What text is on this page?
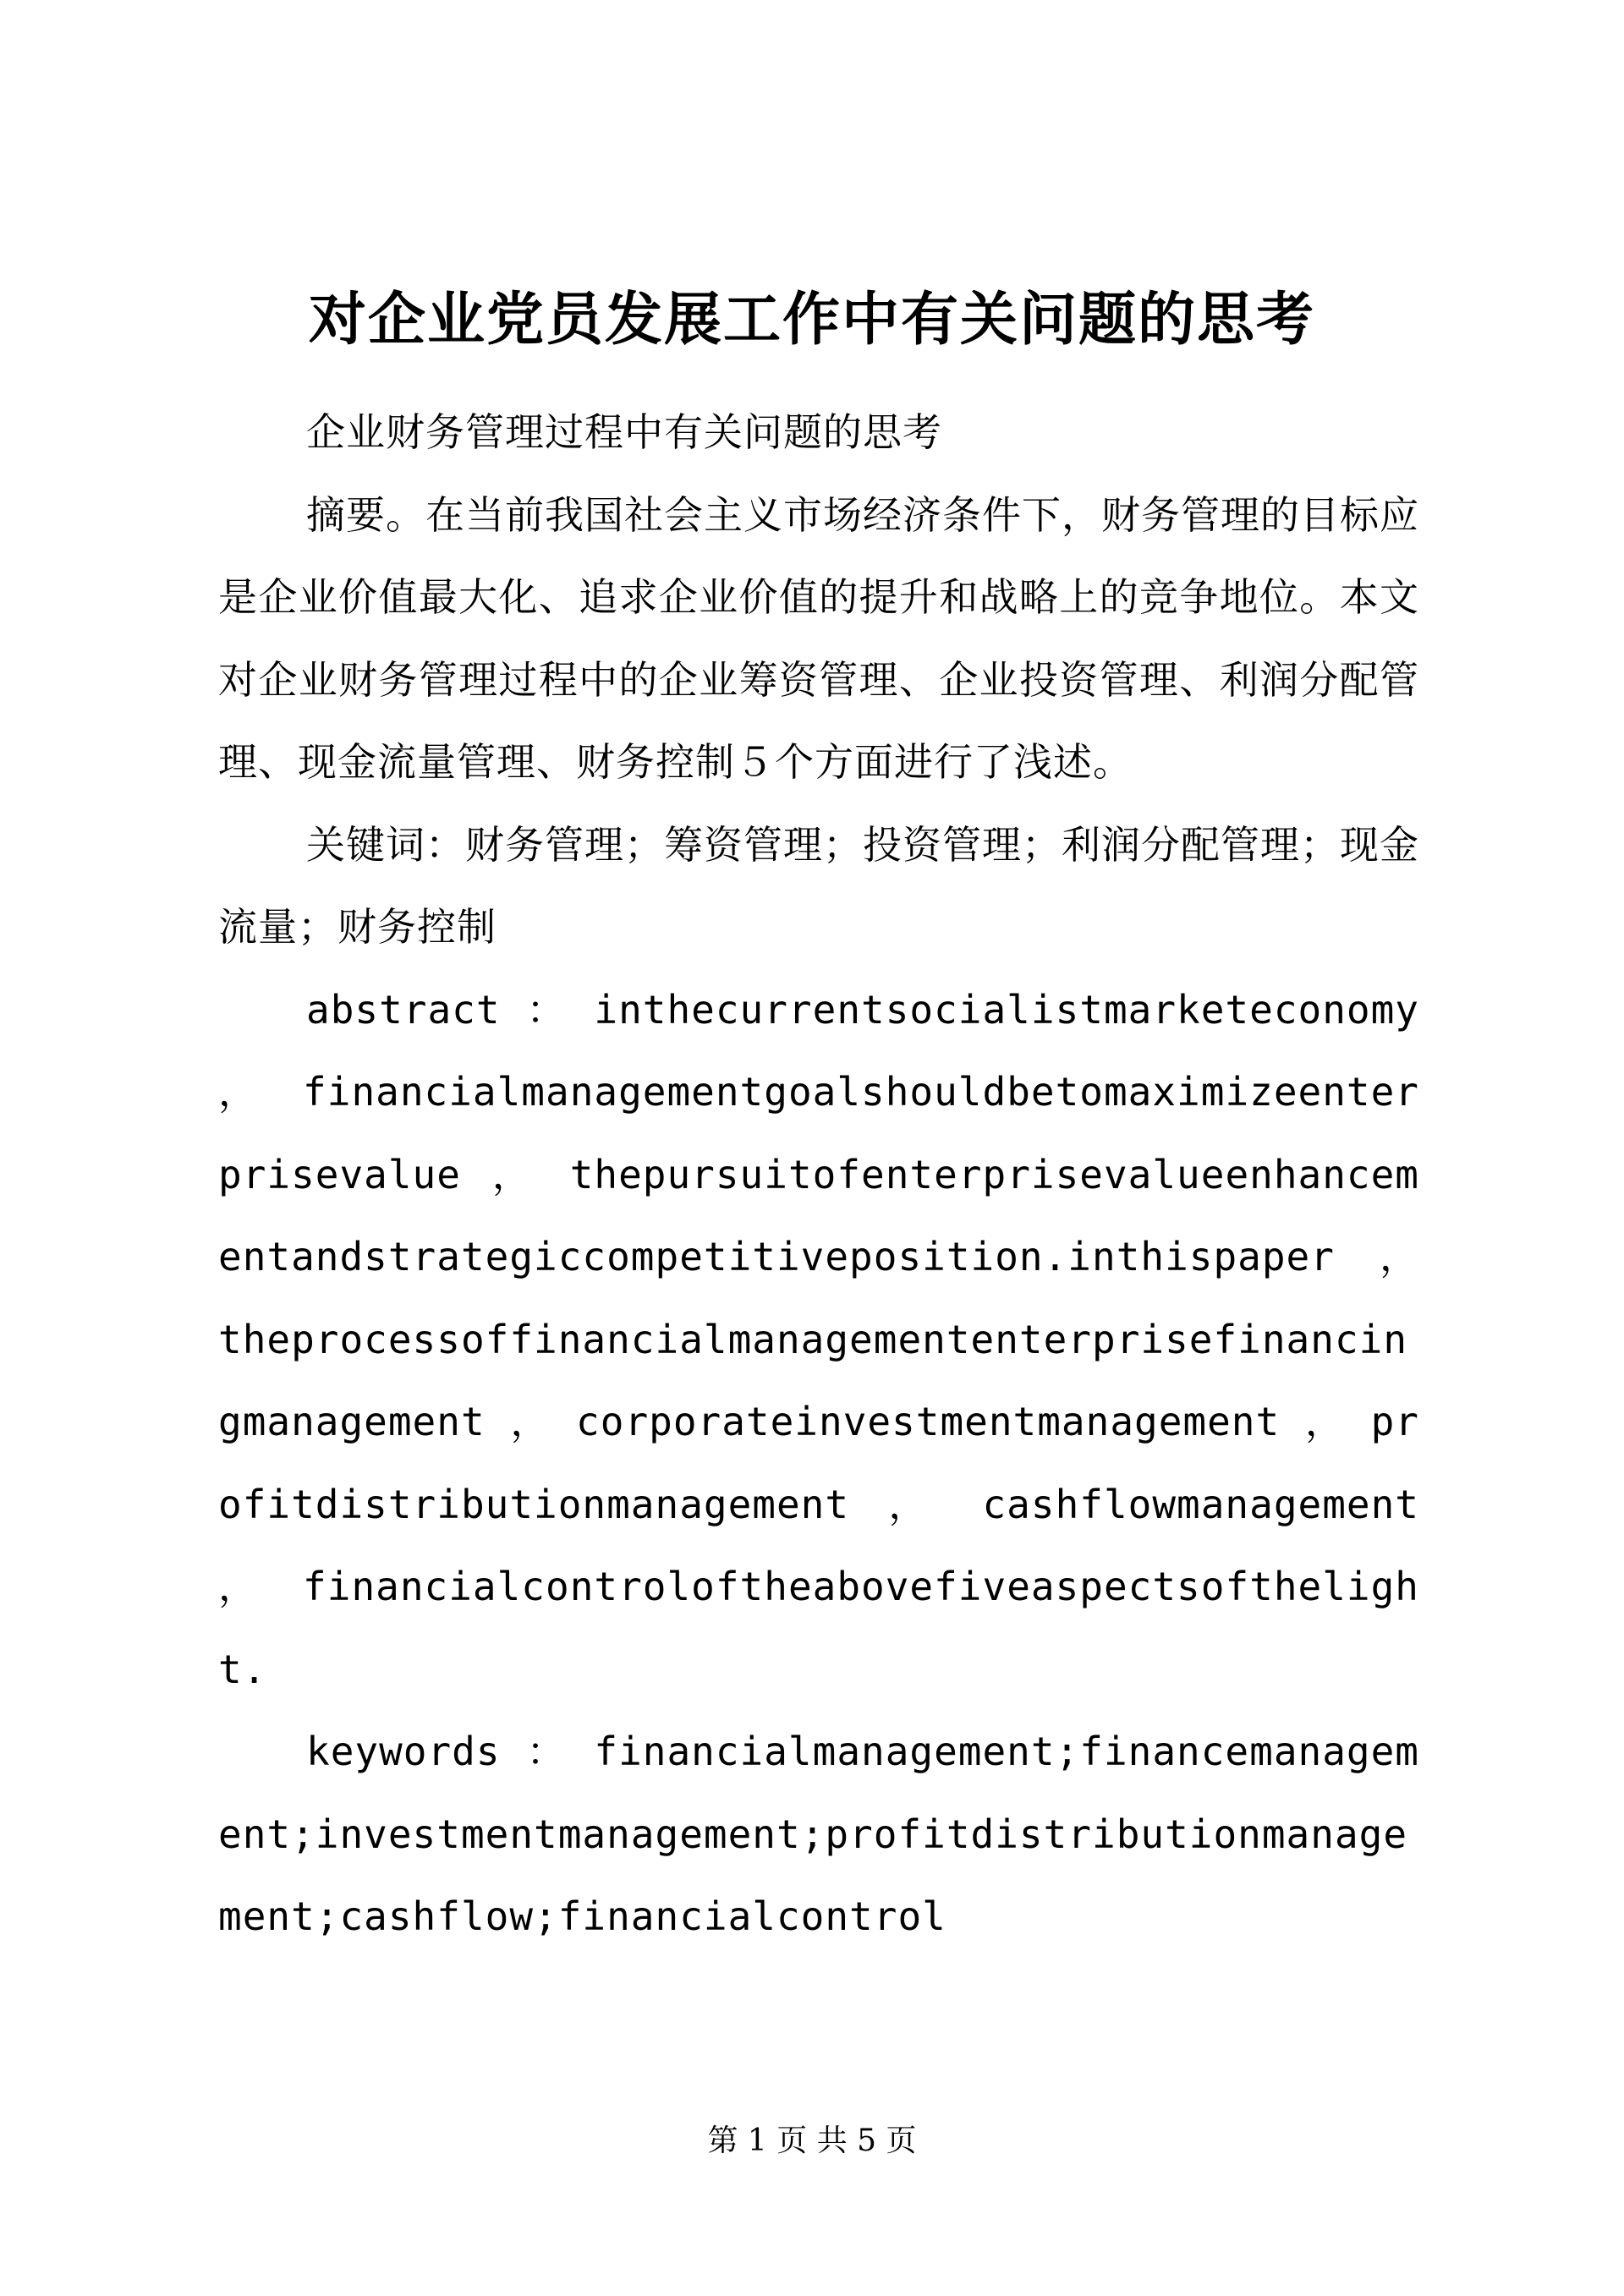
对企业党员发展工作中有关问题的思考

企业财务管理过程中有关问题的思考

摘要。在当前我国社会主义市场经济条件下，财务管理的目标应是企业价值最大化、追求企业价值的提升和战略上的竞争地位。本文对企业财务管理过程中的企业筹资管理、企业投资管理、利润分配管理、现金流量管理、财务控制５个方面进行了浅述。

关键词：财务管理；筹资管理；投资管理；利润分配管理；现金流量；财务控制

abstract ： inthecurrentsocialistmarketeconomy ， financialmanagementgoalshouldbetomaximizeenterprisevalue ， thepursuitofenterprisevalueenhancementandstrategiccompetitiveposition.inthispaper ， theprocessoffinancialmanagemententerprisefinancingmanagement ， corporateinvestmentmanagement ， profitdistributionmanagement ， cashflowmanagement ， financialcontroloftheabovefiveaspectsofthelight.

keywords ： financialmanagement;financemanagement;investmentmanagement;profitdistributionmanagement;cashflow;financialcontrol

第 1 页 共 5 页
